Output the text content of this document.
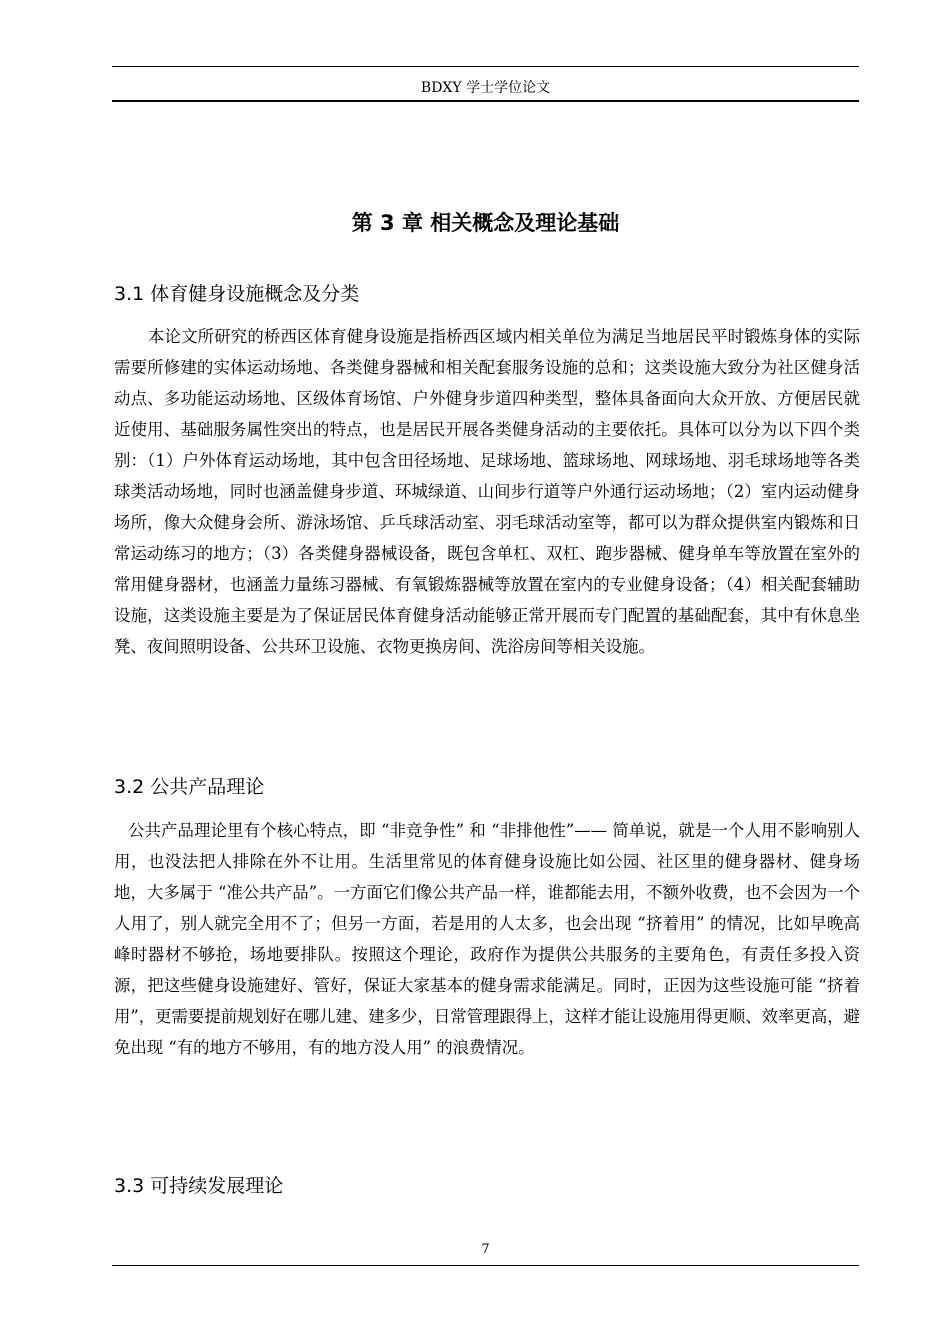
BDXY 学士学位论文
第 3 章 相关概念及理论基础
3.1 体育健身设施概念及分类

本论文所研究的桥西区体育健身设施是指桥西区域内相关单位为满足当地居民平时锻炼身体的实际需要所修建的实体运动场地、各类健身器械和相关配套服务设施的总和；这类设施大致分为社区健身活动点、多功能运动场地、区级体育场馆、户外健身步道四种类型，整体具备面向大众开放、方便居民就近使用、基础服务属性突出的特点，也是居民开展各类健身活动的主要依托。具体可以分为以下四个类别：（1）户外体育运动场地，其中包含田径场地、足球场地、篮球场地、网球场地、羽毛球场地等各类球类活动场地，同时也涵盖健身步道、环城绿道、山间步行道等户外通行运动场地；（2）室内运动健身场所，像大众健身会所、游泳场馆、乒乓球活动室、羽毛球活动室等，都可以为群众提供室内锻炼和日常运动练习的地方；（3）各类健身器械设备，既包含单杠、双杠、跑步器械、健身单车等放置在室外的常用健身器材，也涵盖力量练习器械、有氧锻炼器械等放置在室内的专业健身设备；（4）相关配套辅助设施，这类设施主要是为了保证居民体育健身活动能够正常开展而专门配置的基础配套，其中有休息坐凳、夜间照明设备、公共环卫设施、衣物更换房间、洗浴房间等相关设施。

3.2 公共产品理论

公共产品理论里有个核心特点，即 “非竞争性” 和 “非排他性”—— 简单说，就是一个人用不影响别人用，也没法把人排除在外不让用。生活里常见的体育健身设施比如公园、社区里的健身器材、健身场地，大多属于 “准公共产品”。一方面它们像公共产品一样，谁都能去用，不额外收费，也不会因为一个人用了，别人就完全用不了；但另一方面，若是用的人太多，也会出现 “挤着用” 的情况，比如早晚高峰时器材不够抢，场地要排队。按照这个理论，政府作为提供公共服务的主要角色，有责任多投入资源，把这些健身设施建好、管好，保证大家基本的健身需求能满足。同时，正因为这些设施可能 “挤着用”，更需要提前规划好在哪儿建、建多少，日常管理跟得上，这样才能让设施用得更顺、效率更高，避免出现 “有的地方不够用，有的地方没人用” 的浪费情况。

3.3 可持续发展理论
7
